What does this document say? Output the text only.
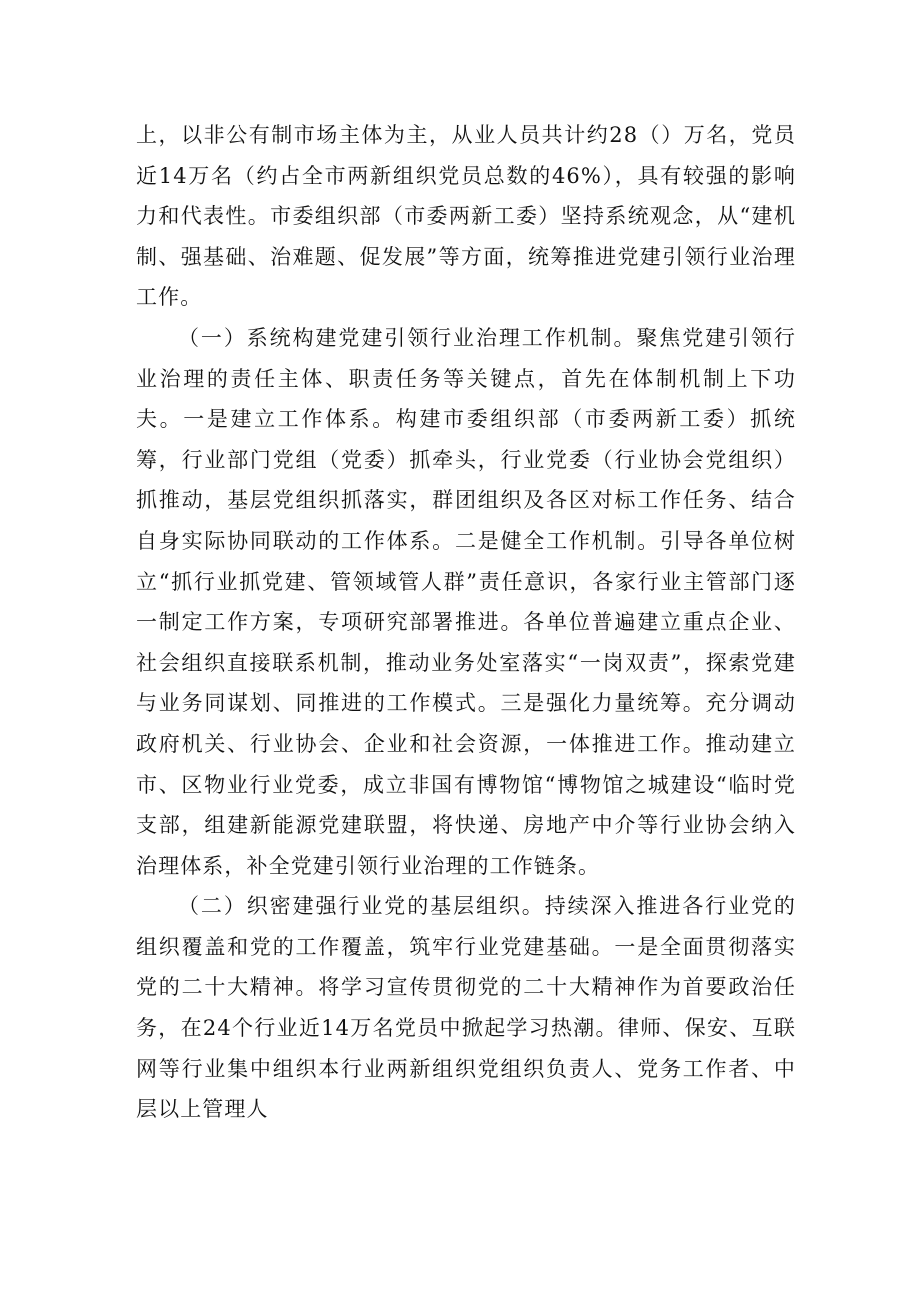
上，以非公有制市场主体为主，从业人员共计约28（）万名，党员近14万名（约占全市两新组织党员总数的46%），具有较强的影响力和代表性。市委组织部（市委两新工委）坚持系统观念，从“建机制、强基础、治难题、促发展”等方面，统筹推进党建引领行业治理工作。

（一）系统构建党建引领行业治理工作机制。聚焦党建引领行业治理的责任主体、职责任务等关键点，首先在体制机制上下功夫。一是建立工作体系。构建市委组织部（市委两新工委）抓统筹，行业部门党组（党委）抓牵头，行业党委（行业协会党组织）抓推动，基层党组织抓落实，群团组织及各区对标工作任务、结合自身实际协同联动的工作体系。二是健全工作机制。引导各单位树立“抓行业抓党建、管领域管人群”责任意识，各家行业主管部门逐一制定工作方案，专项研究部署推进。各单位普遍建立重点企业、社会组织直接联系机制，推动业务处室落实“一岗双责”，探索党建与业务同谋划、同推进的工作模式。三是强化力量统筹。充分调动政府机关、行业协会、企业和社会资源，一体推进工作。推动建立市、区物业行业党委，成立非国有博物馆“博物馆之城建设“临时党支部，组建新能源党建联盟，将快递、房地产中介等行业协会纳入治理体系，补全党建引领行业治理的工作链条。

（二）织密建强行业党的基层组织。持续深入推进各行业党的组织覆盖和党的工作覆盖，筑牢行业党建基础。一是全面贯彻落实党的二十大精神。将学习宣传贯彻党的二十大精神作为首要政治任务，在24个行业近14万名党员中掀起学习热潮。律师、保安、互联网等行业集中组织本行业两新组织党组织负责人、党务工作者、中层以上管理人
